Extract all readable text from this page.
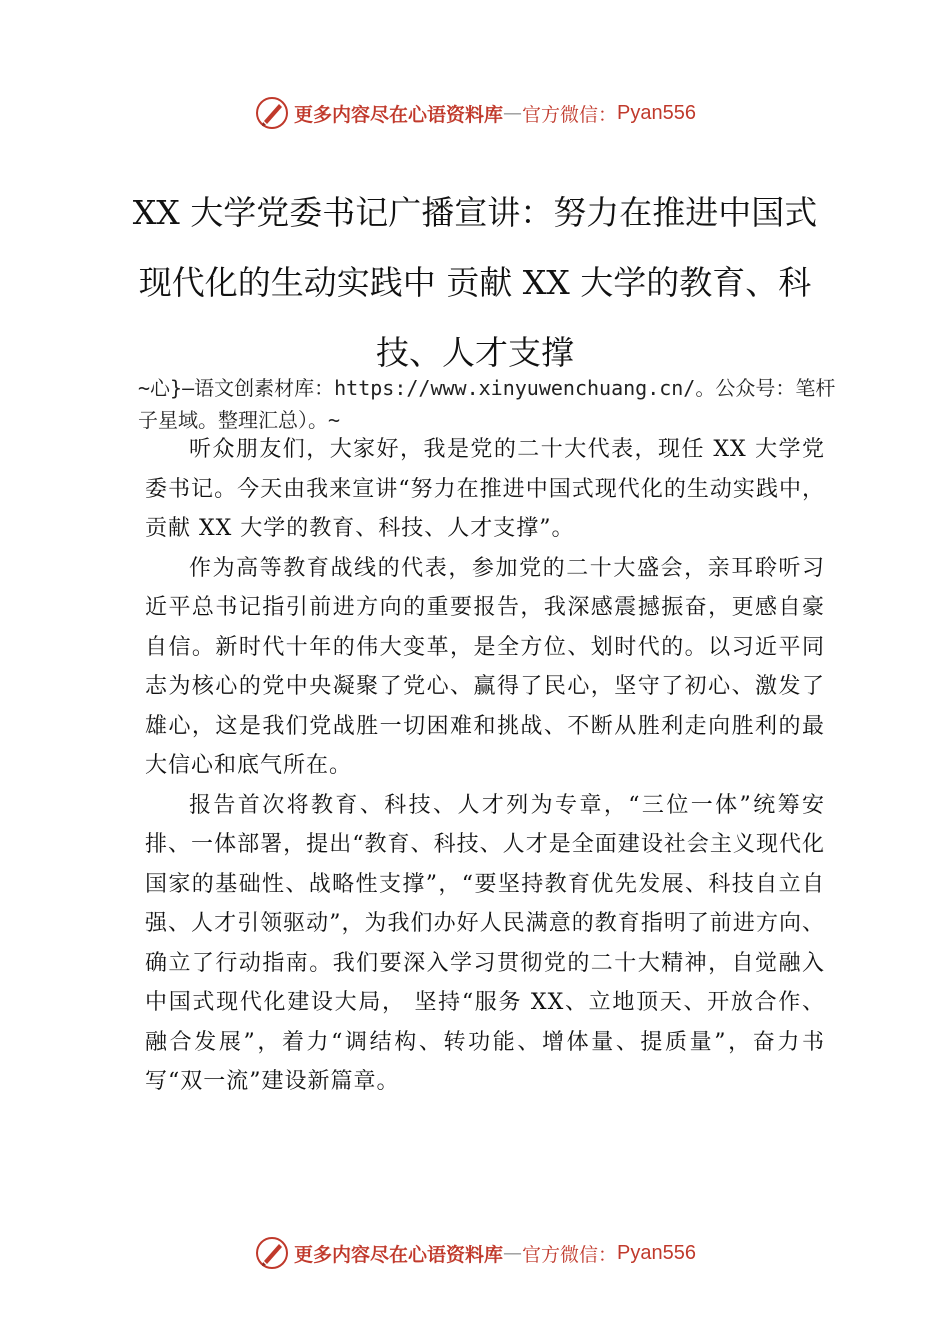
更多内容尽在心语资料库 — 官方微信： Pyan556
XX 大学党委书记广播宣讲：努力在推进中国式现代化的生动实践中 贡献 XX 大学的教育、科技、人才支撑

~心}—语文创素材库：https://www.xinyuwenchuang.cn/。公众号：笔杆子星域。整理汇总）。~

听众朋友们，大家好，我是党的二十大代表，现任 XX 大学党委书记。今天由我来宣讲“努力在推进中国式现代化的生动实践中，贡献 XX 大学的教育、科技、人才支撑”。

作为高等教育战线的代表，参加党的二十大盛会，亲耳聆听习近平总书记指引前进方向的重要报告，我深感震撼振奋，更感自豪自信。新时代十年的伟大变革，是全方位、划时代的。以习近平同志为核心的党中央凝聚了党心、赢得了民心，坚守了初心、激发了雄心，这是我们党战胜一切困难和挑战、不断从胜利走向胜利的最大信心和底气所在。

报告首次将教育、科技、人才列为专章，“三位一体”统筹安排、一体部署，提出“教育、科技、人才是全面建设社会主义现代化国家的基础性、战略性支撑”，“要坚持教育优先发展、科技自立自强、人才引领驱动”，为我们办好人民满意的教育指明了前进方向、确立了行动指南。我们要深入学习贯彻党的二十大精神，自觉融入中国式现代化建设大局， 坚持“服务 XX、立地顶天、开放合作、融合发展”，着力“调结构、转功能、增体量、提质量”，奋力书写“双一流”建设新篇章。

更多内容尽在心语资料库 — 官方微信： Pyan556
